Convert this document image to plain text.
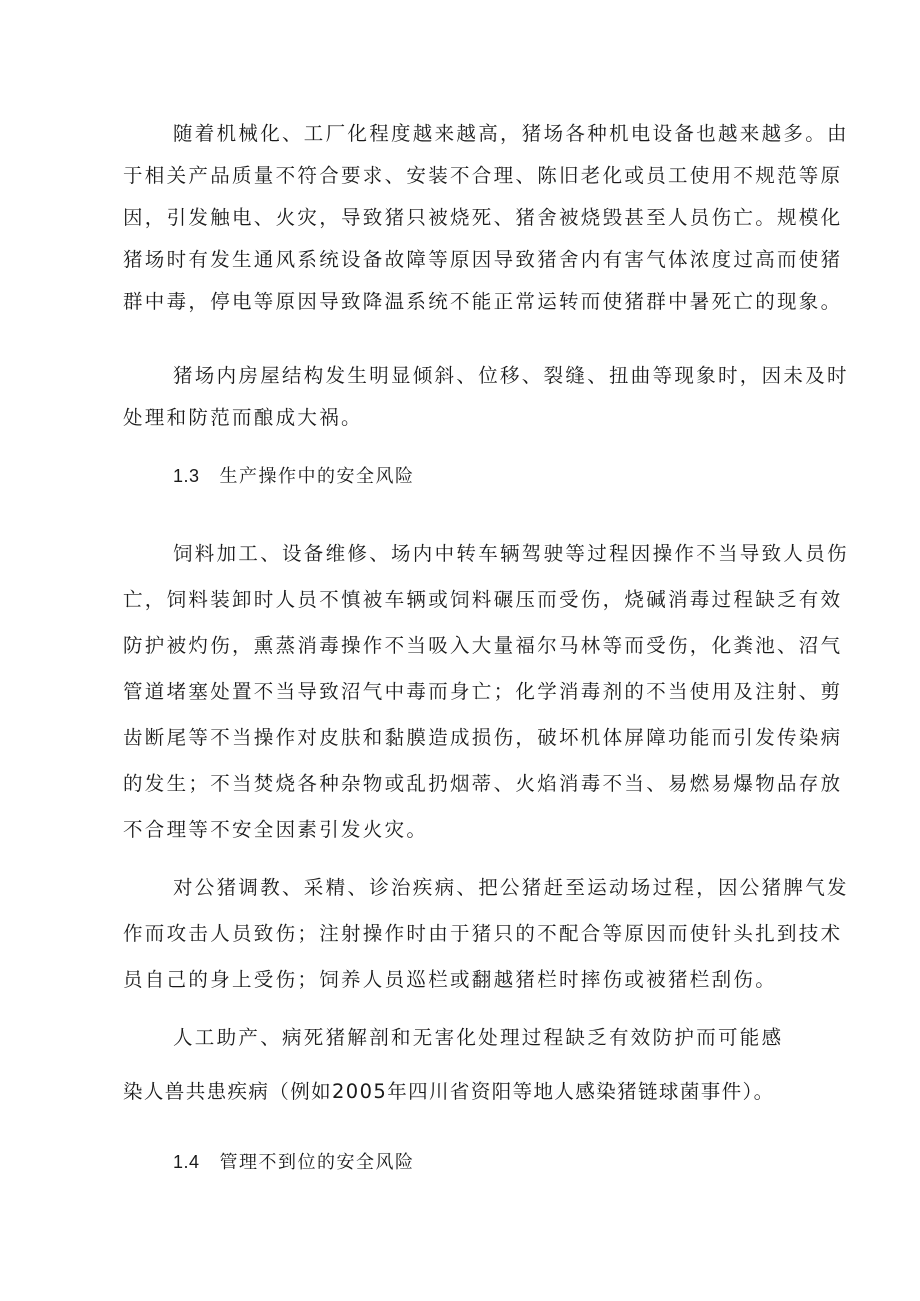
随着机械化、工厂化程度越来越高，猪场各种机电设备也越来越多。由
于相关产品质量不符合要求、安装不合理、陈旧老化或员工使用不规范等原
因，引发触电、火灾，导致猪只被烧死、猪舍被烧毁甚至人员伤亡。规模化
猪场时有发生通风系统设备故障等原因导致猪舍内有害气体浓度过高而使猪
群中毒，停电等原因导致降温系统不能正常运转而使猪群中暑死亡的现象。
猪场内房屋结构发生明显倾斜、位移、裂缝、扭曲等现象时，因未及时
处理和防范而酿成大祸。
1.3 生产操作中的安全风险
饲料加工、设备维修、场内中转车辆驾驶等过程因操作不当导致人员伤
亡，饲料装卸时人员不慎被车辆或饲料碾压而受伤，烧碱消毒过程缺乏有效
防护被灼伤，熏蒸消毒操作不当吸入大量福尔马林等而受伤，化粪池、沼气
管道堵塞处置不当导致沼气中毒而身亡；化学消毒剂的不当使用及注射、剪
齿断尾等不当操作对皮肤和黏膜造成损伤，破坏机体屏障功能而引发传染病
的发生；不当焚烧各种杂物或乱扔烟蒂、火焰消毒不当、易燃易爆物品存放
不合理等不安全因素引发火灾。
对公猪调教、采精、诊治疾病、把公猪赶至运动场过程，因公猪脾气发
作而攻击人员致伤；注射操作时由于猪只的不配合等原因而使针头扎到技术
员自己的身上受伤；饲养人员巡栏或翻越猪栏时摔伤或被猪栏刮伤。
人工助产、病死猪解剖和无害化处理过程缺乏有效防护而可能感
染人兽共患疾病（例如2005年四川省资阳等地人感染猪链球菌事件）。
1.4 管理不到位的安全风险
